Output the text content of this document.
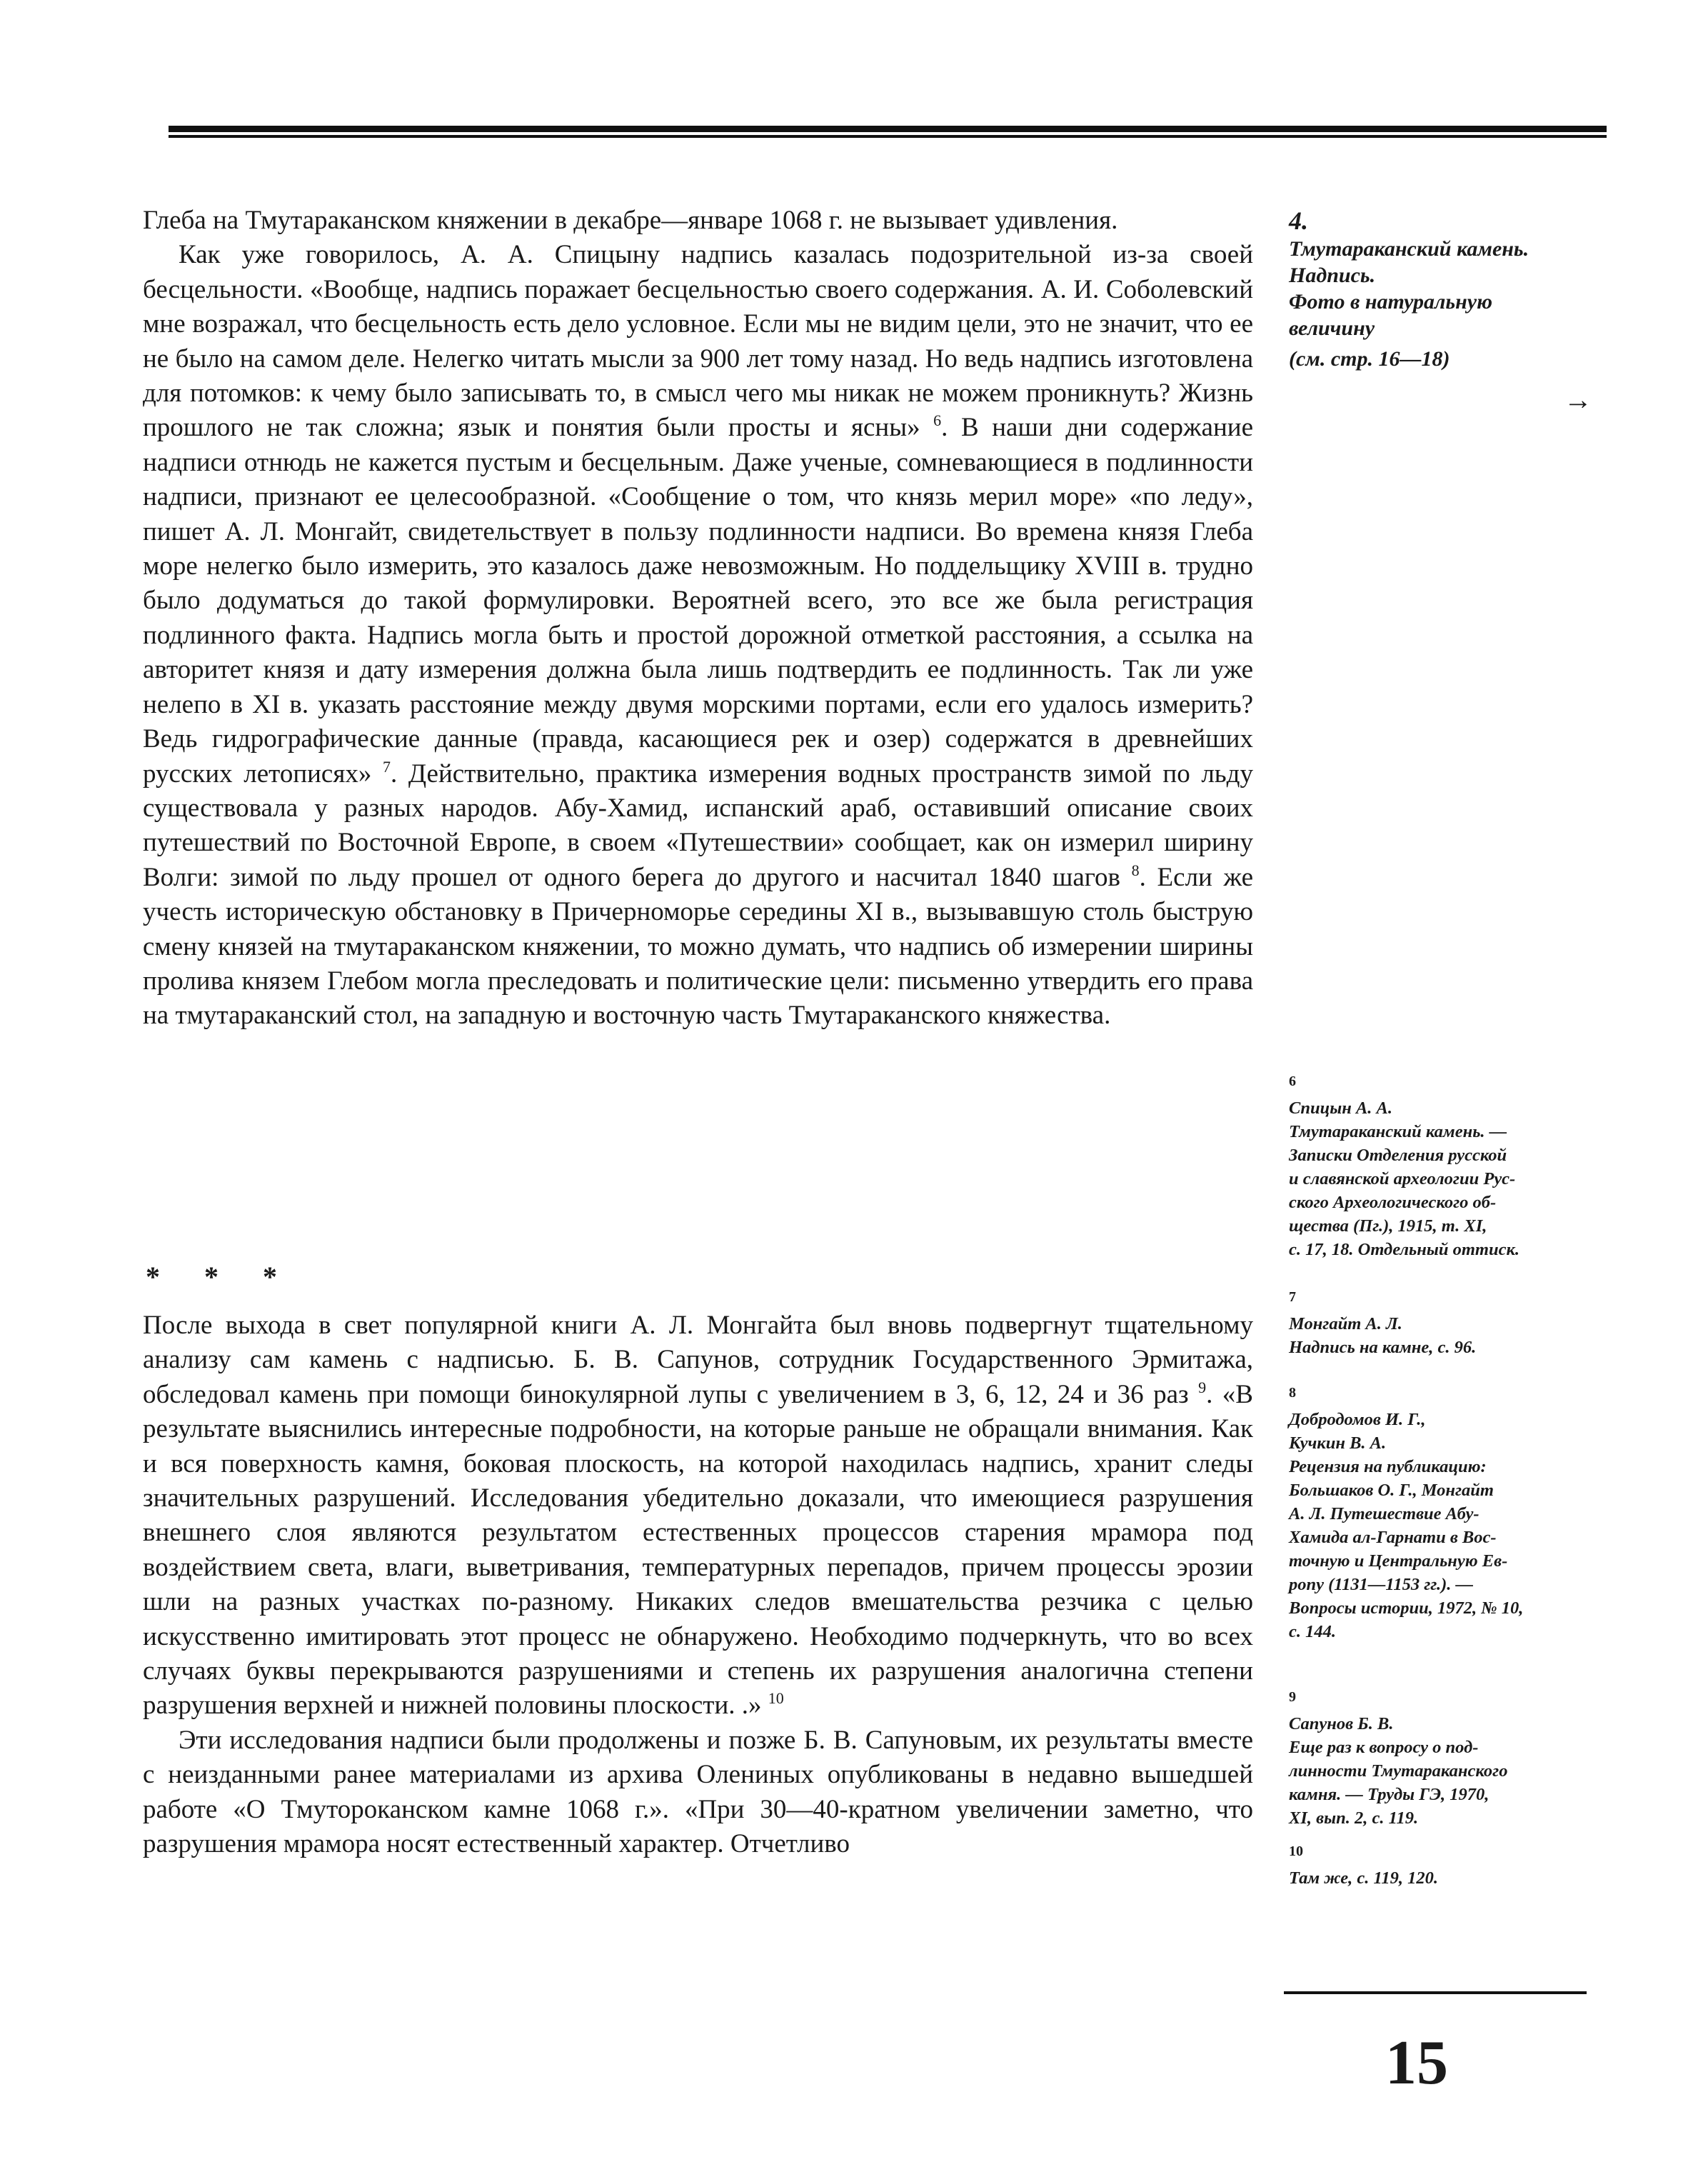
Глеба на Тмутараканском княжении в декабре—январе 1068 г. не вызывает удивления.

Как уже говорилось, А. А. Спицыну надпись казалась подозрительной из-за своей бесцельности. «Вообще, надпись поражает бесцельностью своего содержания. А. И. Соболевский мне возражал, что бесцельность есть дело условное. Если мы не видим цели, это не значит, что ее не было на самом деле. Нелегко читать мысли за 900 лет тому назад. Но ведь надпись изготовлена для потомков: к чему было записывать то, в смысл чего мы никак не можем проникнуть? Жизнь прошлого не так сложна; язык и понятия были просты и ясны» $^6$. В наши дни содержание надписи отнюдь не кажется пустым и бесцельным. Даже ученые, сомневающиеся в подлинности надписи, признают ее целесообразной. «Сообщение о том, что князь мерил море» «по леду», пишет А. Л. Монгайт, свидетельствует в пользу подлинности надписи. Во времена князя Глеба море нелегко было измерить, это казалось даже невозможным. Но поддельщику XVIII в. трудно было додуматься до такой формулировки. Вероятней всего, это все же была регистрация подлинного факта. Надпись могла быть и простой дорожной отметкой расстояния, а ссылка на авторитет князя и дату измерения должна была лишь подтвердить ее подлинность. Так ли уже нелепо в XI в. указать расстояние между двумя морскими портами, если его удалось измерить? Ведь гидрографические данные (правда, касающиеся рек и озер) содержатся в древнейших русских летописях» $^7$. Действительно, практика измерения водных пространств зимой по льду существовала у разных народов. Абу-Хамид, испанский араб, оставивший описание своих путешествий по Восточной Европе, в своем «Путешествии» сообщает, как он измерил ширину Волги: зимой по льду прошел от одного берега до другого и насчитал 1840 шагов $^8$. Если же учесть историческую обстановку в Причерноморье середины XI в., вызывавшую столь быструю смену князей на тмутараканском княжении, то можно думать, что надпись об измерении ширины пролива князем Глебом могла преследовать и политические цели: письменно утвердить его права на тмутараканский стол, на западную и восточную часть Тмутараканского княжества.

* * *

После выхода в свет популярной книги А. Л. Монгайта был вновь подвергнут тщательному анализу сам камень с надписью. Б. В. Сапунов, сотрудник Государственного Эрмитажа, обследовал камень при помощи бинокулярной лупы с увеличением в 3, 6, 12, 24 и 36 раз $^9$. «В результате выяснились интересные подробности, на которые раньше не обращали внимания. Как и вся поверхность камня, боковая плоскость, на которой находилась надпись, хранит следы значительных разрушений. Исследования убедительно доказали, что имеющиеся разрушения внешнего слоя являются результатом естественных процессов старения мрамора под воздействием света, влаги, выветривания, температурных перепадов, причем процессы эрозии шли на разных участках по-разному. Никаких следов вмешательства резчика с целью искусственно имитировать этот процесс не обнаружено. Необходимо подчеркнуть, что во всех случаях буквы перекрываются разрушениями и степень их разрушения аналогична степени разрушения верхней и нижней половины плоскости. .» $^{10}$

Эти исследования надписи были продолжены и позже Б. В. Сапуновым, их результаты вместе с неизданными ранее материалами из архива Олениных опубликованы в недавно вышедшей работе «О Тмутороканском камне 1068 г.». «При 30—40-кратном увеличении заметно, что разрушения мрамора носят естественный характер. Отчетливо

4.
Тмутараканский камень.
Надпись.
Фото в натуральную
величину
(см. стр. 16—18)
→
6
Спицын А. А.
Тмутараканский камень. —
Записки Отделения русской
и славянской археологии Рус-
ского Археологического об-
щества (Пг.), 1915, т. XI,
с. 17, 18. Отдельный оттиск.
7
Монгайт А. Л.
Надпись на камне, с. 96.
8
Добродомов И. Г.,
Кучкин В. А.
Рецензия на публикацию:
Большаков О. Г., Монгайт
А. Л. Путешествие Абу-
Хамида ал-Гарнати в Вос-
точную и Центральную Ев-
ропу (1131—1153 гг.). —
Вопросы истории, 1972, № 10,
с. 144.
9
Сапунов Б. В.
Еще раз к вопросу о под-
линности Тмутараканского
камня. — Труды ГЭ, 1970,
XI, вып. 2, с. 119.
10
Там же, с. 119, 120.
15
